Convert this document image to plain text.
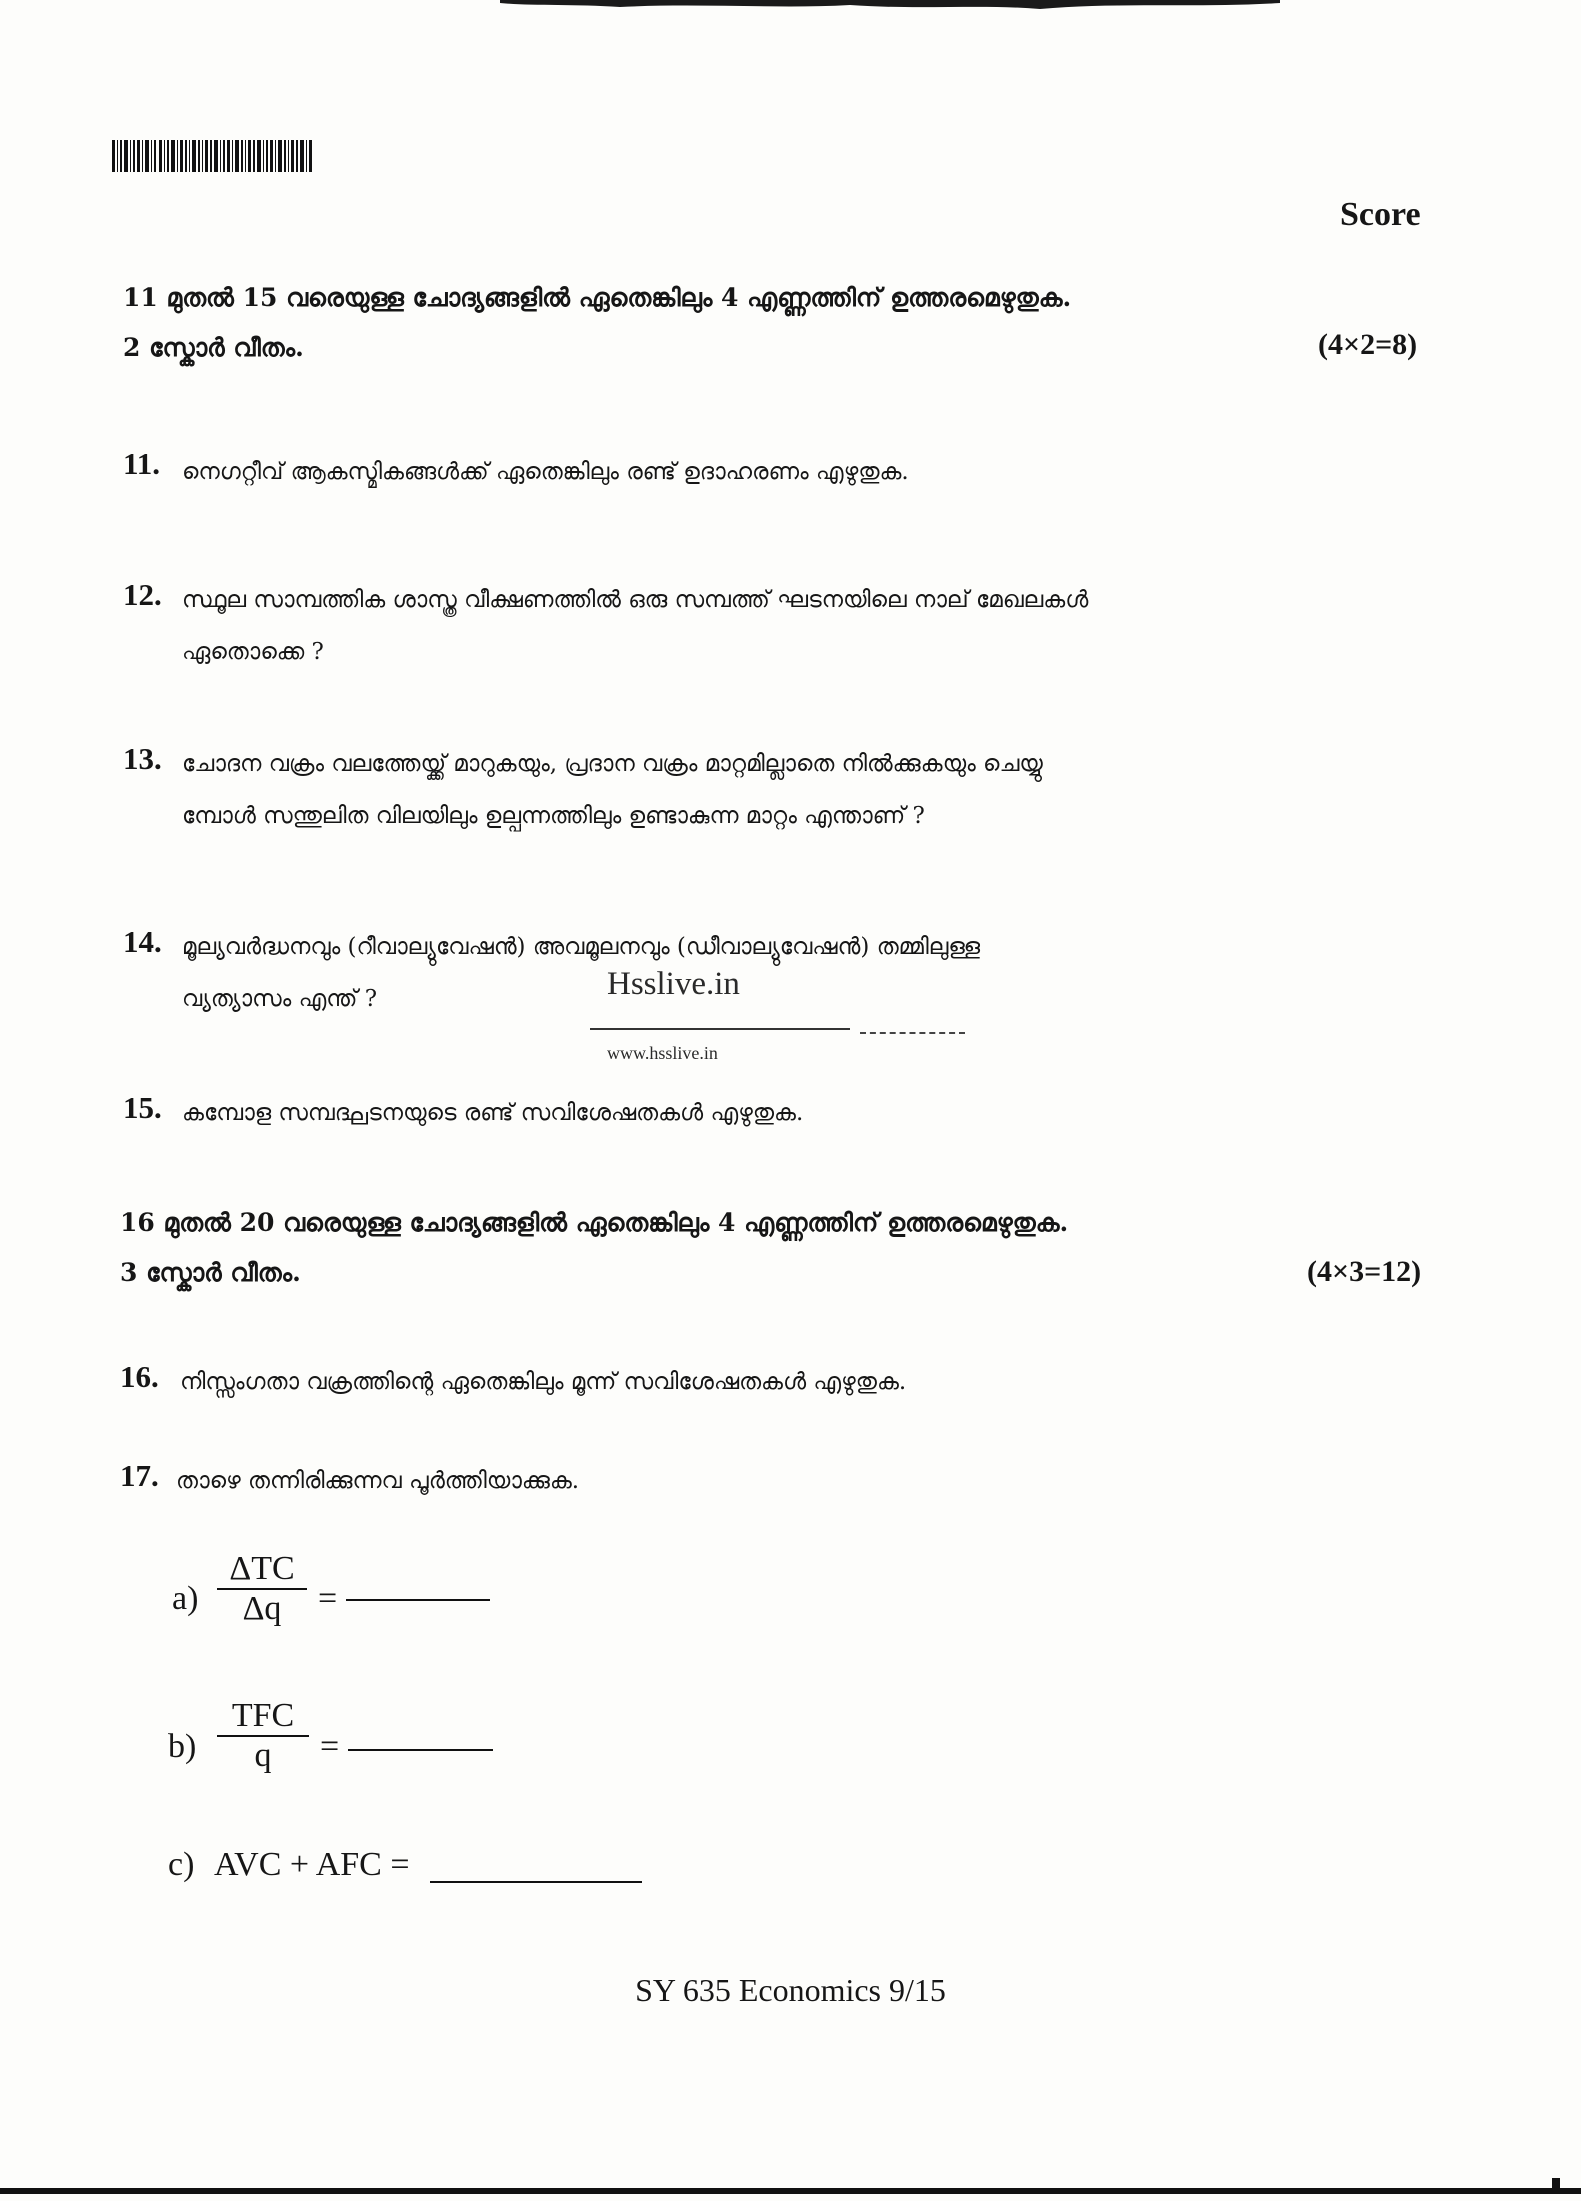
Score
11 മുതൽ 15 വരെയുള്ള ചോദ്യങ്ങളിൽ ഏതെങ്കിലും 4 എണ്ണത്തിന് ഉത്തരമെഴുതുക.
2 സ്കോർ വീതം.	(4×2=8)
11. നെഗറ്റീവ് ആകസ്മികങ്ങൾക്ക് ഏതെങ്കിലും രണ്ട് ഉദാഹരണം എഴുതുക.
12. സ്ഥൂല സാമ്പത്തിക ശാസ്ത്ര വീക്ഷണത്തിൽ ഒരു സമ്പത്ത് ഘടനയിലെ നാല് മേഖലകൾ
ഏതൊക്കെ ?
13. ചോദന വക്രം വലത്തേയ്ക്ക് മാറുകയും, പ്രദാന വക്രം മാറ്റമില്ലാതെ നിൽക്കുകയും ചെയ്യു
മ്പോൾ സന്തുലിത വിലയിലും ഉല്പന്നത്തിലും ഉണ്ടാകുന്ന മാറ്റം എന്താണ് ?
14. മൂല്യവർദ്ധനവും (റീവാല്യുവേഷൻ) അവമൂലനവും (ഡീവാല്യുവേഷൻ) തമ്മിലുള്ള
വ്യത്യാസം എന്ത് ?	Hsslive.in
www.hsslive.in
15. കമ്പോള സമ്പദ്ഘടനയുടെ രണ്ട് സവിശേഷതകൾ എഴുതുക.
16 മുതൽ 20 വരെയുള്ള ചോദ്യങ്ങളിൽ ഏതെങ്കിലും 4 എണ്ണത്തിന് ഉത്തരമെഴുതുക.
3 സ്കോർ വീതം.	(4×3=12)
16. നിസ്സംഗതാ വക്രത്തിന്റെ ഏതെങ്കിലും മൂന്ന് സവിശേഷതകൾ എഴുതുക.
17. താഴെ തന്നിരിക്കുന്നവ പൂർത്തിയാക്കുക.
a)
ΔTC
Δq	=
b)
TFC
q	=
c) AVC + AFC =
SY 635 Economics 9/15
